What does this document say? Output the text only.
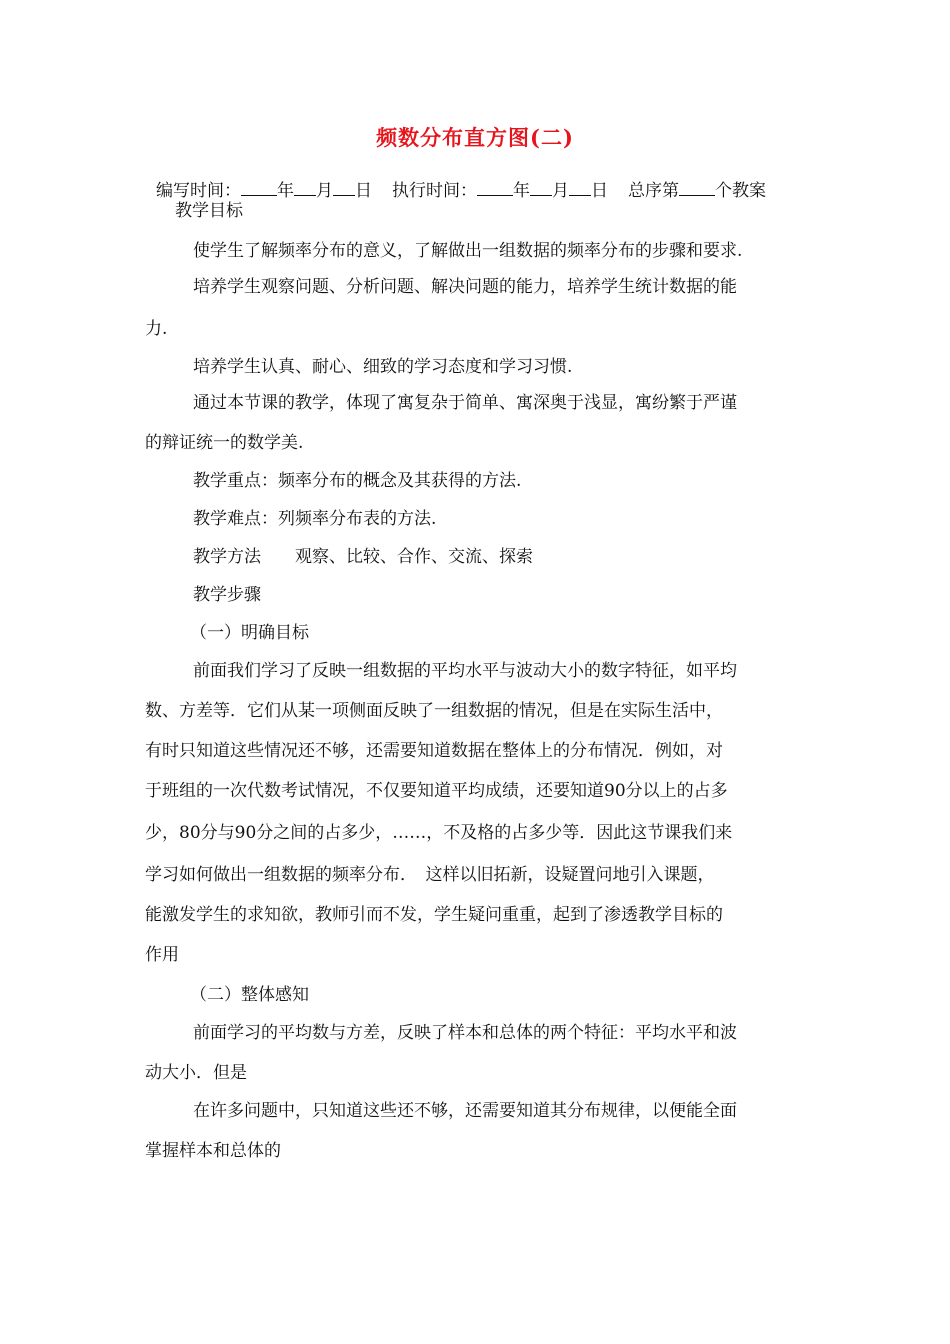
频数分布直方图(二)
编写时间： 年 月 日 执行时间： 年 月 日 总序第 个教案
教学目标
使学生了解频率分布的意义，了解做出一组数据的频率分布的步骤和要求.
培养学生观察问题、分析问题、解决问题的能力，培养学生统计数据的能
力.
培养学生认真、耐心、细致的学习态度和学习习惯.
通过本节课的教学，体现了寓复杂于简单、寓深奥于浅显，寓纷繁于严谨
的辩证统一的数学美.
教学重点：频率分布的概念及其获得的方法.
教学难点：列频率分布表的方法.
教学方法　　观察、比较、合作、交流、探索
教学步骤
（一）明确目标
前面我们学习了反映一组数据的平均水平与波动大小的数字特征，如平均
数、方差等．它们从某一项侧面反映了一组数据的情况，但是在实际生活中，
有时只知道这些情况还不够，还需要知道数据在整体上的分布情况．例如，对
于班组的一次代数考试情况，不仅要知道平均成绩，还要知道90分以上的占多
少，80分与90分之间的占多少，……，不及格的占多少等．因此这节课我们来
学习如何做出一组数据的频率分布．　这样以旧拓新，设疑置问地引入课题，
能激发学生的求知欲，教师引而不发，学生疑问重重，起到了渗透教学目标的
作用
（二）整体感知
前面学习的平均数与方差，反映了样本和总体的两个特征：平均水平和波
动大小．但是
在许多问题中，只知道这些还不够，还需要知道其分布规律，以便能全面
掌握样本和总体的
